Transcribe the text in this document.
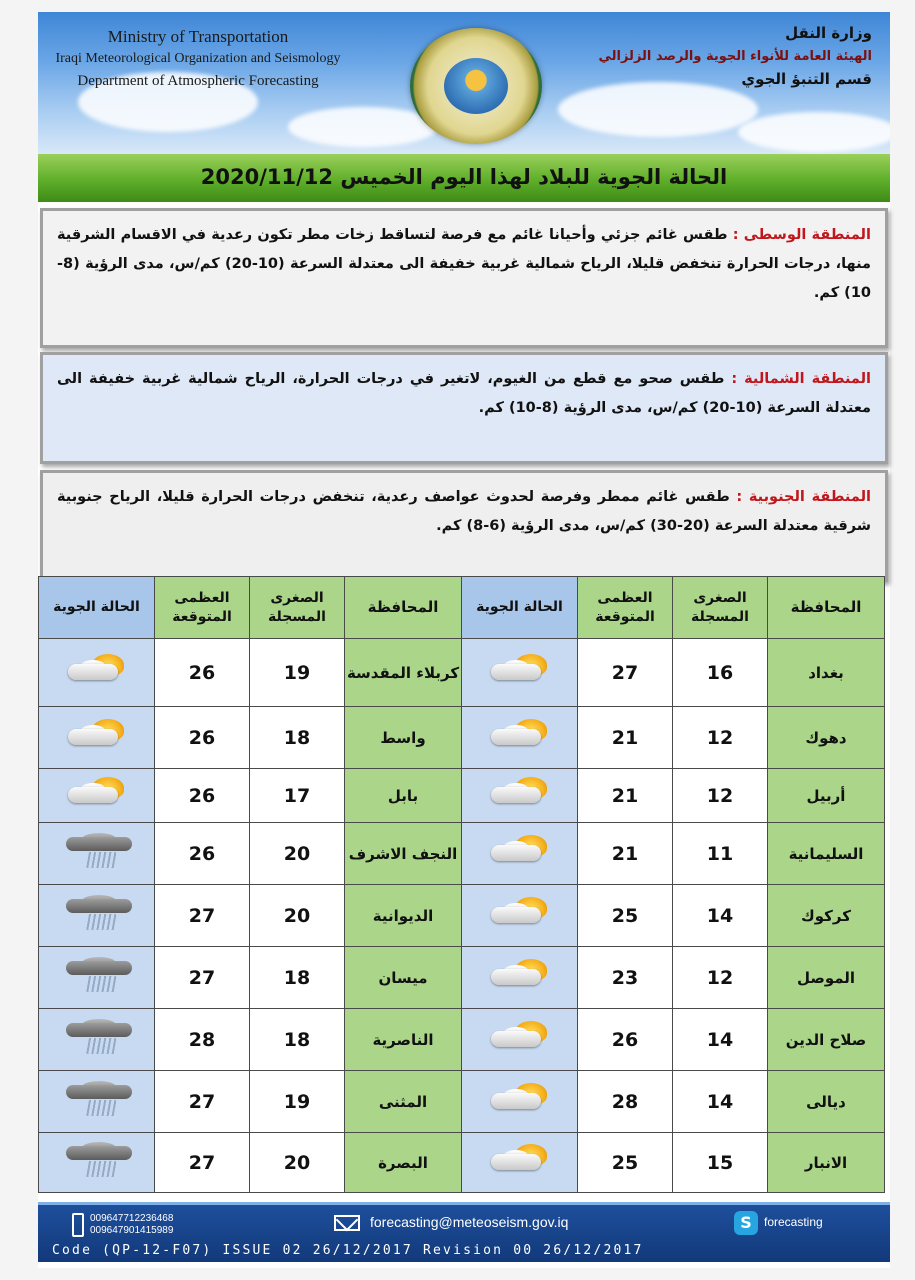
Ministry of Transportation
Iraqi Meteorological Organization and Seismology
Department of Atmospheric Forecasting
وزارة النقل
الهيئة العامة للأنواء الجوية والرصد الزلزالي
قسم التنبؤ الجوي
الحالة الجوية للبلاد لهذا اليوم الخميس 2020/11/12
المنطقة الوسطى : طقس غائم جزئي وأحيانا غائم مع فرصة لتساقط زخات مطر تكون رعدية في الاقسام الشرقية منها، درجات الحرارة تنخفض قليلا، الرياح شمالية غربية خفيفة الى معتدلة السرعة (10-20) كم/س، مدى الرؤية (8-10) كم.
المنطقة الشمالية : طقس صحو مع قطع من الغيوم، لاتغير في درجات الحرارة، الرياح شمالية غربية خفيفة الى معتدلة السرعة (10-20) كم/س، مدى الرؤية (8-10) كم.
المنطقة الجنوبية : طقس غائم ممطر وفرصة لحدوث عواصف رعدية، تنخفض درجات الحرارة قليلا، الرياح جنوبية شرقية معتدلة السرعة (20-30) كم/س، مدى الرؤية (6-8) كم.
المحافظة	الصغرى المسجلة	العظمى المتوقعة	الحالة الجوية	المحافظة	الصغرى المسجلة	العظمى المتوقعة	الحالة الجوية
بغداد	16	27		كربلاء المقدسة	19	26	

دهوك	12	21		واسط	18	26	

أربيل	12	21		بابل	17	26	

السليمانية	11	21		النجف الاشرف	20	26	

كركوك	14	25		الديوانية	20	27	

الموصل	12	23		ميسان	18	27	

صلاح الدين	14	26		الناصرية	18	28	

ديالى	14	28		المثنى	19	27	

الانبار	15	25		البصرة	20	27	
009647712236468
009647901415989
forecasting@meteoseism.gov.iq	S	forecasting
Code (QP-12-F07) ISSUE 02 26/12/2017 Revision 00 26/12/2017
